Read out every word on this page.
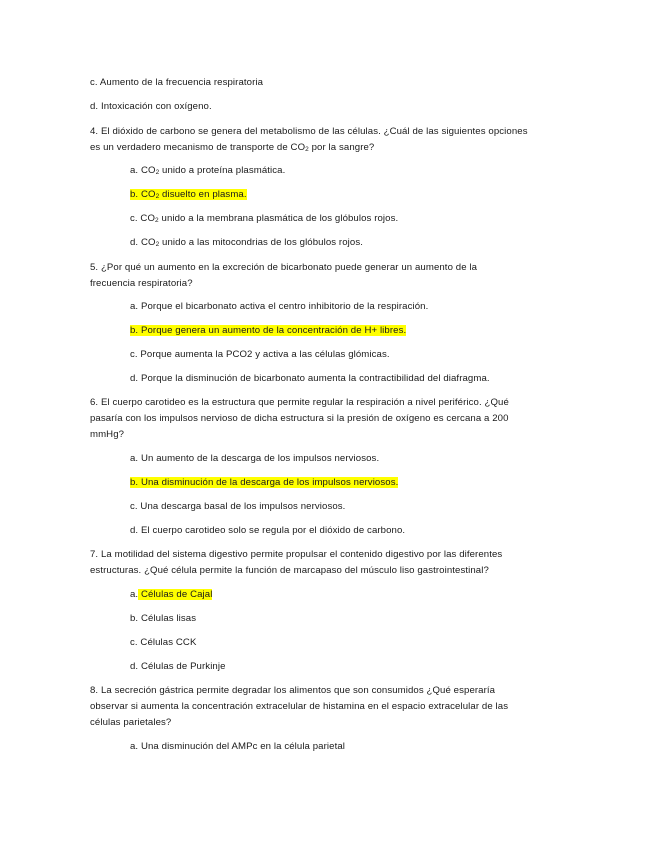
c. Aumento de la frecuencia respiratoria
d. Intoxicación con oxígeno.
4. El dióxido de carbono se genera del metabolismo de las células. ¿Cuál de las siguientes opciones
es un verdadero mecanismo de transporte de $CO_2$ por la sangre?
a. $CO_2$ unido a proteína plasmática.
b. $CO_2$ disuelto en plasma.
c. $CO_2$ unido a la membrana plasmática de los glóbulos rojos.
d. $CO_2$ unido a las mitocondrias de los glóbulos rojos.
5. ¿Por qué un aumento en la excreción de bicarbonato puede generar un aumento de la
frecuencia respiratoria?
a. Porque el bicarbonato activa el centro inhibitorio de la respiración.
b. Porque genera un aumento de la concentración de H+ libres.
c. Porque aumenta la PCO2 y activa a las células glómicas.
d. Porque la disminución de bicarbonato aumenta la contractibilidad del diafragma.
6. El cuerpo carotideo es la estructura que permite regular la respiración a nivel periférico. ¿Qué
pasaría con los impulsos nervioso de dicha estructura si la presión de oxígeno es cercana a 200
mmHg?
a. Un aumento de la descarga de los impulsos nerviosos.
b. Una disminución de la descarga de los impulsos nerviosos.
c. Una descarga basal de los impulsos nerviosos.
d. El cuerpo carotideo solo se regula por el dióxido de carbono.
7. La motilidad del sistema digestivo permite propulsar el contenido digestivo por las diferentes
estructuras. ¿Qué célula permite la función de marcapaso del músculo liso gastrointestinal?
a. Células de Cajal
b. Células lisas
c. Células CCK
d. Células de Purkinje
8. La secreción gástrica permite degradar los alimentos que son consumidos ¿Qué esperaría
observar si aumenta la concentración extracelular de histamina en el espacio extracelular de las
células parietales?
a. Una disminución del AMPc en la célula parietal
